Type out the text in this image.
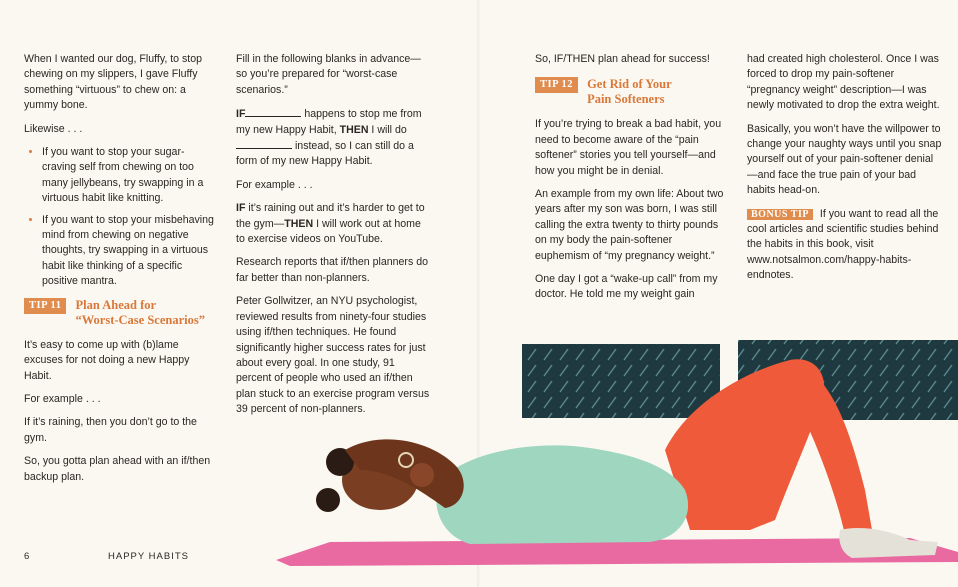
When I wanted our dog, Fluffy, to stop chewing on my slippers, I gave Fluffy something “virtuous” to chew on: a yummy bone.

Likewise . . .

• If you want to stop your sugar-craving self from chewing on too many jellybeans, try swapping in a virtuous habit like knitting.
• If you want to stop your misbehaving mind from chewing on negative thoughts, try swapping in a virtuous habit like thinking of a specific positive mantra.
TIP 11	Plan Ahead for
“Worst-Case Scenarios”

It’s easy to come up with (b)lame excuses for not doing a new Happy Habit.

For example . . .

If it’s raining, then you don’t go to the gym.

So, you gotta plan ahead with an if/then backup plan.

Fill in the following blanks in advance—so you’re prepared for “worst-case scenarios.”

IF	happens to stop me from my new Happy Habit, THEN I will do  instead, so I can still do a form of my new Happy Habit.

For example . . .

IF it’s raining out and it’s harder to get to the gym—THEN I will work out at home to exercise videos on YouTube.

Research reports that if/then planners do far better than non-planners.

Peter Gollwitzer, an NYU psychologist, reviewed results from ninety-four studies using if/then techniques. He found significantly higher success rates for just about every goal. In one study, 91 percent of people who used an if/then plan stuck to an exercise program versus 39 percent of non-planners.

6	HAPPY HABITS

So, IF/THEN plan ahead for success!

TIP 12	Get Rid of Your
Pain Softeners

If you’re trying to break a bad habit, you need to become aware of the “pain softener” stories you tell yourself—and how you might be in denial.

An example from my own life: About two years after my son was born, I was still calling the extra twenty to thirty pounds on my body the pain-softener euphemism of “my pregnancy weight.”

One day I got a “wake-up call” from my doctor. He told me my weight gain

had created high cholesterol. Once I was forced to drop my pain-softener “pregnancy weight” description—I was newly motivated to drop the extra weight.

Basically, you won’t have the willpower to change your naughty ways until you snap yourself out of your pain-softener denial—and face the true pain of your bad habits head-on.

BONUS TIP If you want to read all the cool articles and scientific studies behind the habits in this book, visit www.notsalmon.com/happy-habits-endnotes.
